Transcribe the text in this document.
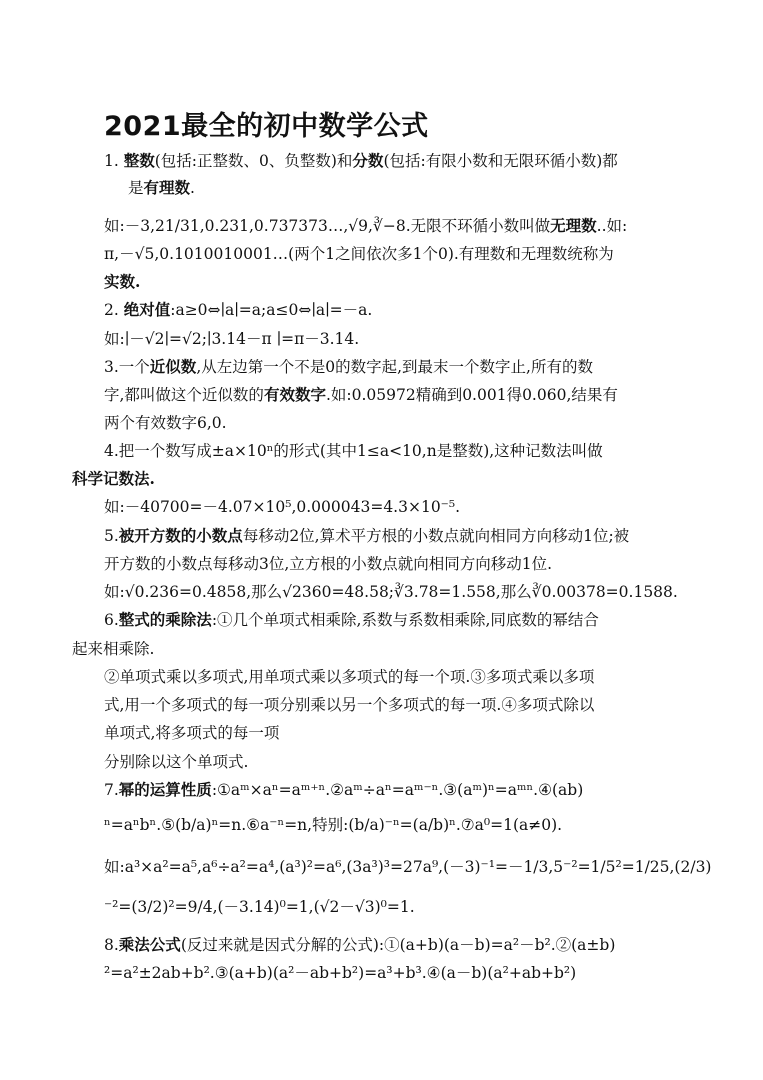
2021最全的初中数学公式
1. 整数(包括:正整数、0、负整数)和分数(包括:有限小数和无限环循小数)都
是有理数.
如:－3,21/31,0.231,0.737373…,√9,∛−8.无限不环循小数叫做无理数..如:
π,－√5,0.1010010001…(两个1之间依次多1个0).有理数和无理数统称为
实数.
2. 绝对值:a≥0⇔∣a∣=a;a≤0⇔∣a∣=－a.
如:∣－√2∣=√2;∣3.14－π ∣=π－3.14.
3.一个近似数,从左边第一个不是0的数字起,到最末一个数字止,所有的数
字,都叫做这个近似数的有效数字.如:0.05972精确到0.001得0.060,结果有
两个有效数字6,0.
4.把一个数写成±a×10ⁿ的形式(其中1≤a<10,n是整数),这种记数法叫做
科学记数法.
如:－40700=－4.07×10⁵,0.000043=4.3×10⁻⁵.
5.被开方数的小数点每移动2位,算术平方根的小数点就向相同方向移动1位;被
开方数的小数点每移动3位,立方根的小数点就向相同方向移动1位.
如:√0.236=0.4858,那么√2360=48.58;∛3.78=1.558,那么∛0.00378=0.1588.
6.整式的乘除法:①几个单项式相乘除,系数与系数相乘除,同底数的幂结合
起来相乘除.
②单项式乘以多项式,用单项式乘以多项式的每一个项.③多项式乘以多项
式,用一个多项式的每一项分别乘以另一个多项式的每一项.④多项式除以
单项式,将多项式的每一项
分别除以这个单项式.
7.幂的运算性质:①aᵐ×aⁿ=aᵐ⁺ⁿ.②aᵐ÷aⁿ=aᵐ⁻ⁿ.③(aᵐ)ⁿ=aᵐⁿ.④(ab)
ⁿ=aⁿbⁿ.⑤(b/a)ⁿ=n.⑥a⁻ⁿ=n,特别:(b/a)⁻ⁿ=(a/b)ⁿ.⑦a⁰=1(a≠0).
如:a³×a²=a⁵,a⁶÷a²=a⁴,(a³)²=a⁶,(3a³)³=27a⁹,(－3)⁻¹=－1/3,5⁻²=1/5²=1/25,(2/3)
⁻²=(3/2)²=9/4,(－3.14)⁰=1,(√2－√3)⁰=1.
8.乘法公式(反过来就是因式分解的公式):①(a+b)(a－b)=a²－b².②(a±b)
²=a²±2ab+b².③(a+b)(a²－ab+b²)=a³+b³.④(a－b)(a²+ab+b²)
